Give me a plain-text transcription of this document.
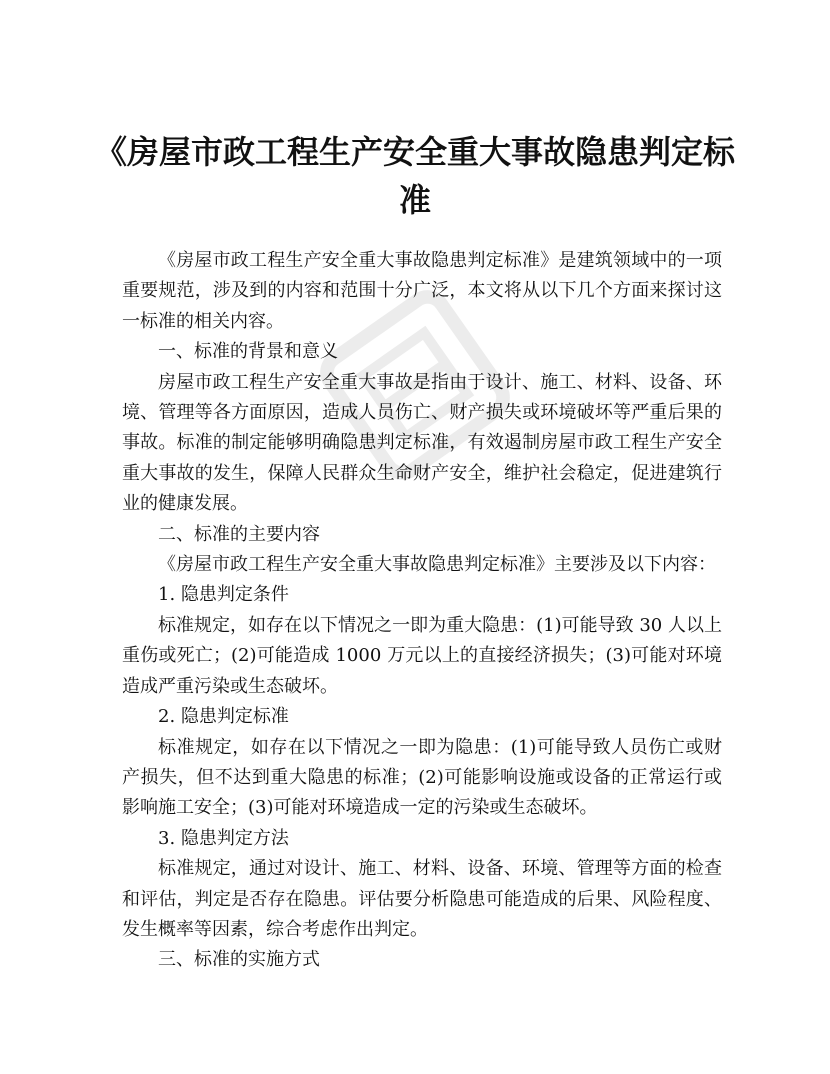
《房屋市政工程生产安全重大事故隐患判定标准

《房屋市政工程生产安全重大事故隐患判定标准》是建筑领域中的一项重要规范，涉及到的内容和范围十分广泛，本文将从以下几个方面来探讨这一标准的相关内容。

一、标准的背景和意义

房屋市政工程生产安全重大事故是指由于设计、施工、材料、设备、环境、管理等各方面原因，造成人员伤亡、财产损失或环境破坏等严重后果的事故。标准的制定能够明确隐患判定标准，有效遏制房屋市政工程生产安全重大事故的发生，保障人民群众生命财产安全，维护社会稳定，促进建筑行业的健康发展。

二、标准的主要内容

《房屋市政工程生产安全重大事故隐患判定标准》主要涉及以下内容：

1. 隐患判定条件

标准规定，如存在以下情况之一即为重大隐患：(1)可能导致 30 人以上重伤或死亡；(2)可能造成 1000 万元以上的直接经济损失；(3)可能对环境造成严重污染或生态破坏。

2. 隐患判定标准

标准规定，如存在以下情况之一即为隐患：(1)可能导致人员伤亡或财产损失，但不达到重大隐患的标准；(2)可能影响设施或设备的正常运行或影响施工安全；(3)可能对环境造成一定的污染或生态破坏。

3. 隐患判定方法

标准规定，通过对设计、施工、材料、设备、环境、管理等方面的检查和评估，判定是否存在隐患。评估要分析隐患可能造成的后果、风险程度、发生概率等因素，综合考虑作出判定。

三、标准的实施方式
